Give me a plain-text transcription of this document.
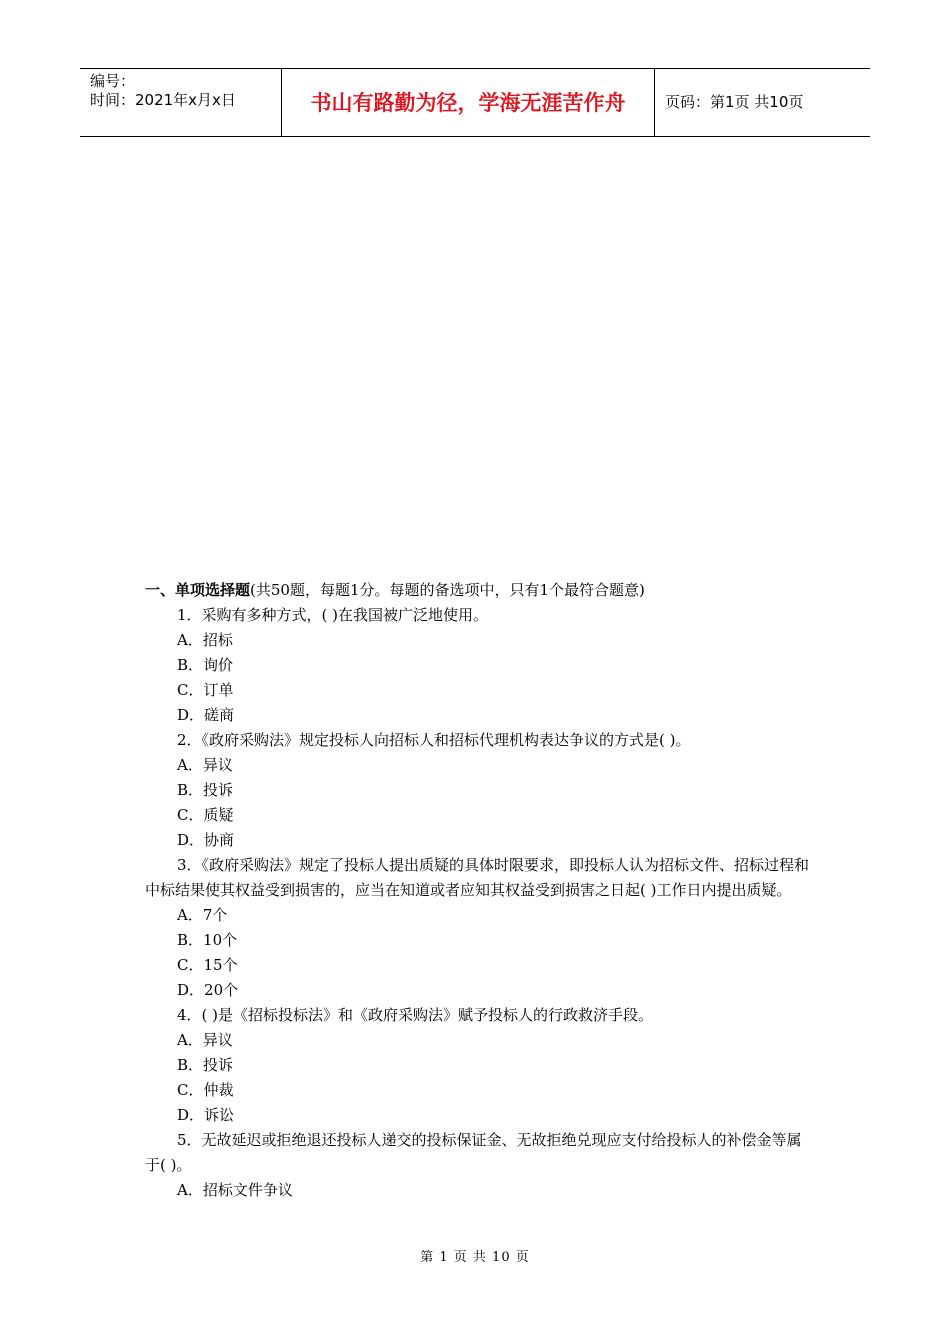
编号：
时间：2021年x月x日	书山有路勤为径，学海无涯苦作舟	页码：第1页 共10页

一、单项选择题(共50题，每题1分。每题的备选项中，只有1个最符合题意)

1．采购有多种方式，( )在我国被广泛地使用。

A．招标

B．询价

C．订单

D．磋商

2．《政府采购法》规定投标人向招标人和招标代理机构表达争议的方式是( )。

A．异议

B．投诉

C．质疑

D．协商

3．《政府采购法》规定了投标人提出质疑的具体时限要求，即投标人认为招标文件、招标过程和中标结果使其权益受到损害的，应当在知道或者应知其权益受到损害之日起( )工作日内提出质疑。

A．7个

B．10个

C．15个

D．20个

4．( )是《招标投标法》和《政府采购法》赋予投标人的行政救济手段。

A．异议

B．投诉

C．仲裁

D．诉讼

5．无故延迟或拒绝退还投标人递交的投标保证金、无故拒绝兑现应支付给投标人的补偿金等属于( )。

A．招标文件争议

第 1 页 共 10 页
